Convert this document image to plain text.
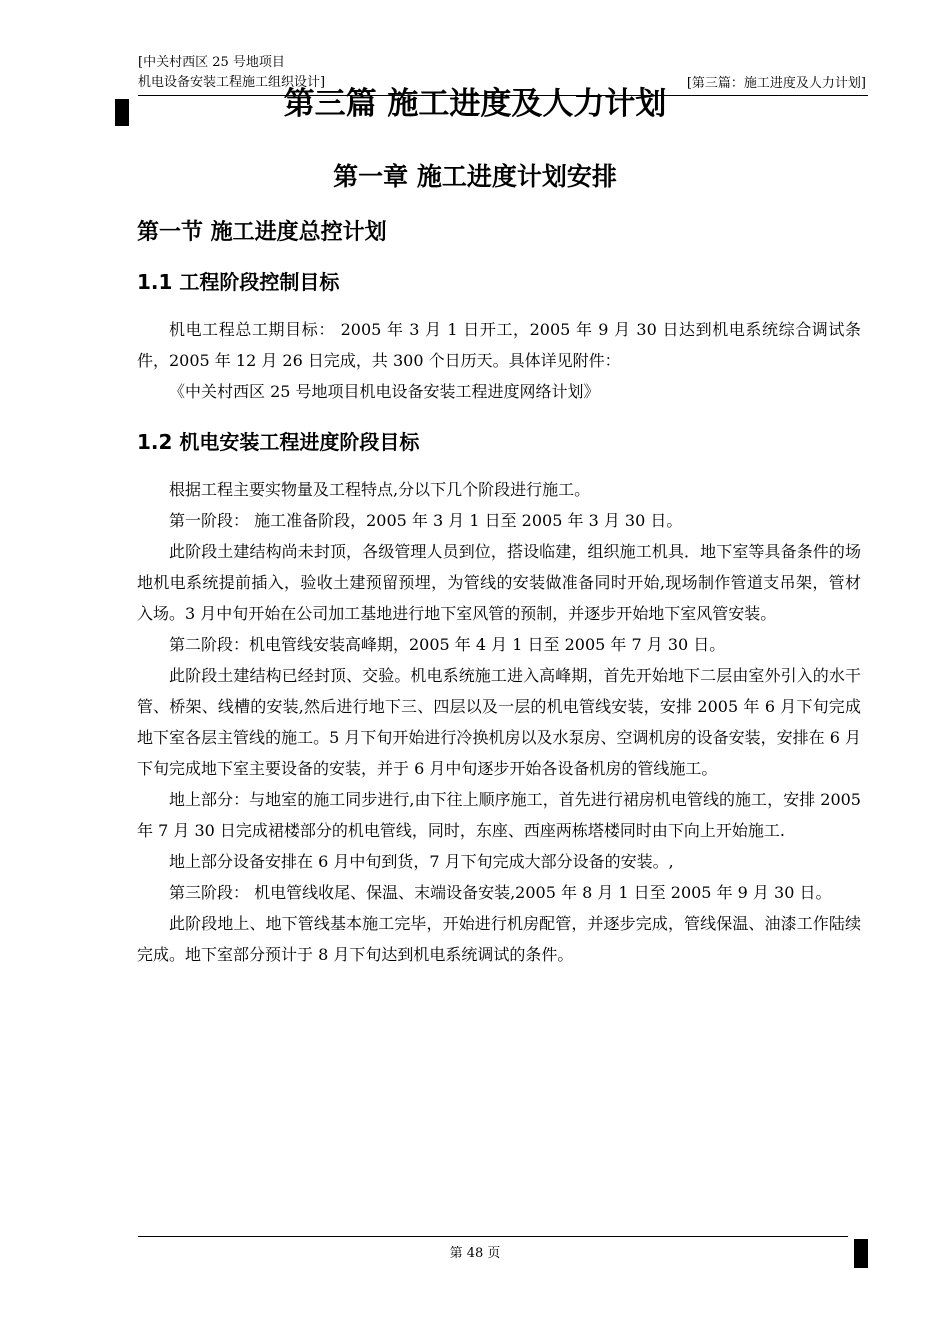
[中关村西区 25 号地项目
机电设备安装工程施工组织设计]	[第三篇：施工进度及人力计划]
第三篇 施工进度及人力计划
第一章 施工进度计划安排
第一节 施工进度总控计划
1.1 工程阶段控制目标

机电工程总工期目标： 2005 年 3 月 1 日开工，2005 年 9 月 30 日达到机电系统综合调试条件，2005 年 12 月 26 日完成，共 300 个日历天。具体详见附件：

《中关村西区 25 号地项目机电设备安装工程进度网络计划》

1.2 机电安装工程进度阶段目标

根据工程主要实物量及工程特点,分以下几个阶段进行施工。

第一阶段： 施工准备阶段，2005 年 3 月 1 日至 2005 年 3 月 30 日。

此阶段土建结构尚未封顶，各级管理人员到位，搭设临建，组织施工机具．地下室等具备条件的场地机电系统提前插入，验收土建预留预埋，为管线的安装做准备同时开始,现场制作管道支吊架，管材入场。3 月中旬开始在公司加工基地进行地下室风管的预制，并逐步开始地下室风管安装。

第二阶段：机电管线安装高峰期，2005 年 4 月 1 日至 2005 年 7 月 30 日。

此阶段土建结构已经封顶、交验。机电系统施工进入高峰期，首先开始地下二层由室外引入的水干管、桥架、线槽的安装,然后进行地下三、四层以及一层的机电管线安装，安排 2005 年 6 月下旬完成地下室各层主管线的施工。5 月下旬开始进行冷换机房以及水泵房、空调机房的设备安装，安排在 6 月下旬完成地下室主要设备的安装，并于 6 月中旬逐步开始各设备机房的管线施工。

地上部分：与地室的施工同步进行,由下往上顺序施工，首先进行裙房机电管线的施工，安排 2005 年 7 月 30 日完成裙楼部分的机电管线，同时，东座、西座两栋塔楼同时由下向上开始施工.

地上部分设备安排在 6 月中旬到货，7 月下旬完成大部分设备的安装。,

第三阶段： 机电管线收尾、保温、末端设备安装,2005 年 8 月 1 日至 2005 年 9 月 30 日。

此阶段地上、地下管线基本施工完毕，开始进行机房配管，并逐步完成，管线保温、油漆工作陆续完成。地下室部分预计于 8 月下旬达到机电系统调试的条件。

第 48 页
